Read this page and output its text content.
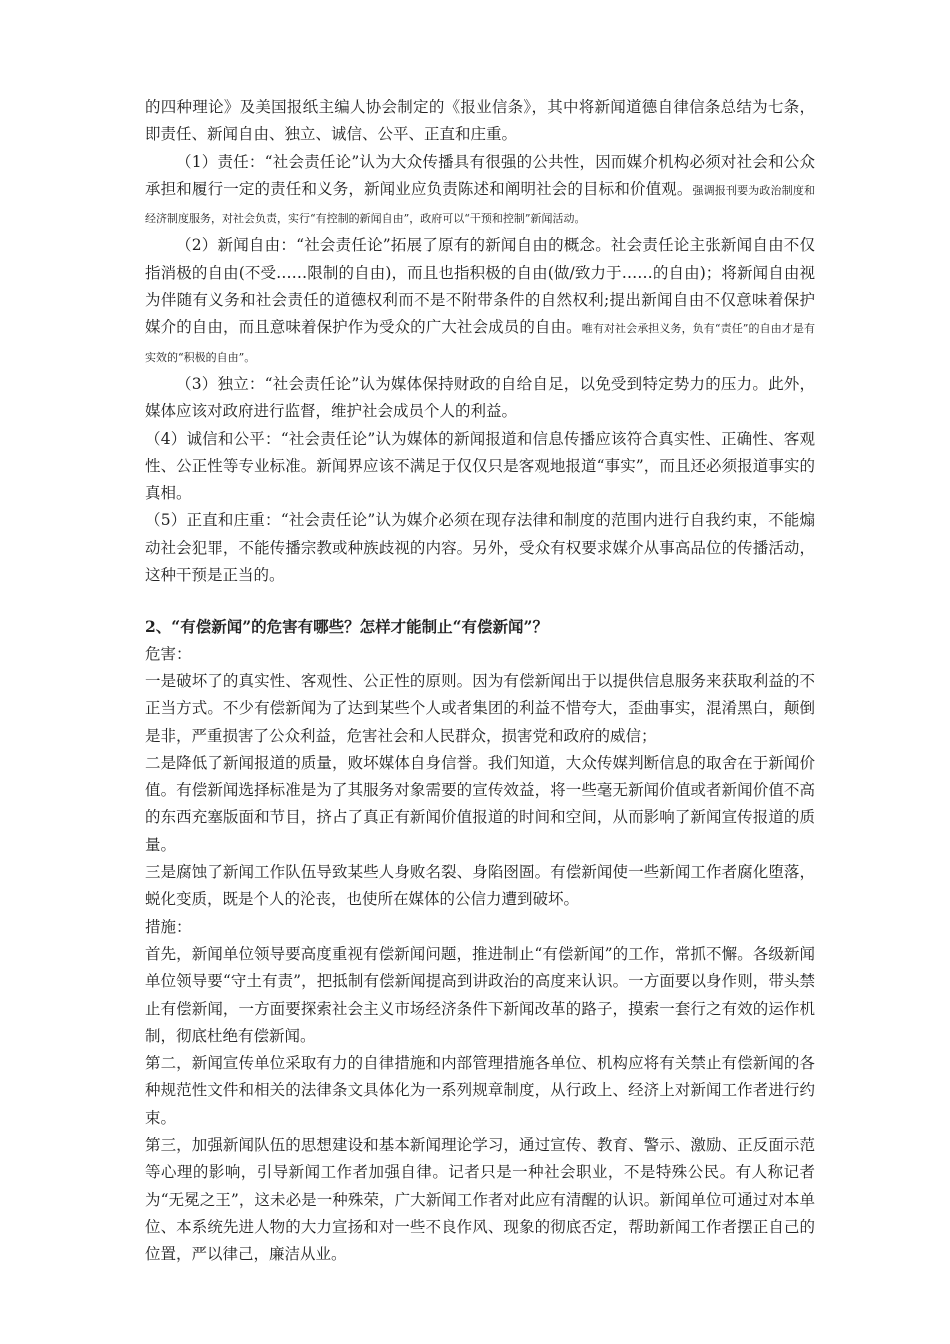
的四种理论》及美国报纸主编人协会制定的《报业信条》，其中将新闻道德自律信条总结为七条，即责任、新闻自由、独立、诚信、公平、正直和庄重。

（1）责任：“社会责任论”认为大众传播具有很强的公共性，因而媒介机构必须对社会和公众承担和履行一定的责任和义务，新闻业应负责陈述和阐明社会的目标和价值观。强调报刊要为政治制度和经济制度服务，对社会负责，实行“有控制的新闻自由”，政府可以“干预和控制”新闻活动。

（2）新闻自由：“社会责任论”拓展了原有的新闻自由的概念。社会责任论主张新闻自由不仅指消极的自由(不受……限制的自由)，而且也指积极的自由(做/致力于……的自由)；将新闻自由视为伴随有义务和社会责任的道德权利而不是不附带条件的自然权利;提出新闻自由不仅意味着保护媒介的自由，而且意味着保护作为受众的广大社会成员的自由。唯有对社会承担义务，负有“责任”的自由才是有实效的“积极的自由”。

（3）独立：“社会责任论”认为媒体保持财政的自给自足，以免受到特定势力的压力。此外，媒体应该对政府进行监督，维护社会成员个人的利益。

（4）诚信和公平：“社会责任论”认为媒体的新闻报道和信息传播应该符合真实性、正确性、客观性、公正性等专业标准。新闻界应该不满足于仅仅只是客观地报道“事实”，而且还必须报道事实的真相。

（5）正直和庄重：“社会责任论”认为媒介必须在现存法律和制度的范围内进行自我约束，不能煽动社会犯罪，不能传播宗教或种族歧视的内容。另外，受众有权要求媒介从事高品位的传播活动，这种干预是正当的。

2、“有偿新闻”的危害有哪些？怎样才能制止“有偿新闻”？

危害：

一是破坏了的真实性、客观性、公正性的原则。因为有偿新闻出于以提供信息服务来获取利益的不正当方式。不少有偿新闻为了达到某些个人或者集团的利益不惜夸大，歪曲事实，混淆黑白，颠倒是非，严重损害了公众利益，危害社会和人民群众，损害党和政府的威信；

二是降低了新闻报道的质量，败坏媒体自身信誉。我们知道，大众传媒判断信息的取舍在于新闻价值。有偿新闻选择标准是为了其服务对象需要的宣传效益，将一些毫无新闻价值或者新闻价值不高的东西充塞版面和节目，挤占了真正有新闻价值报道的时间和空间，从而影响了新闻宣传报道的质量。

三是腐蚀了新闻工作队伍导致某些人身败名裂、身陷囹圄。有偿新闻使一些新闻工作者腐化堕落，蜕化变质，既是个人的沦丧，也使所在媒体的公信力遭到破坏。

措施：

首先，新闻单位领导要高度重视有偿新闻问题，推进制止“有偿新闻”的工作，常抓不懈。各级新闻单位领导要“守土有责”，把抵制有偿新闻提高到讲政治的高度来认识。一方面要以身作则，带头禁止有偿新闻，一方面要探索社会主义市场经济条件下新闻改革的路子，摸索一套行之有效的运作机制，彻底杜绝有偿新闻。

第二，新闻宣传单位采取有力的自律措施和内部管理措施各单位、机构应将有关禁止有偿新闻的各种规范性文件和相关的法律条文具体化为一系列规章制度，从行政上、经济上对新闻工作者进行约束。

第三，加强新闻队伍的思想建设和基本新闻理论学习，通过宣传、教育、警示、激励、正反面示范等心理的影响，引导新闻工作者加强自律。记者只是一种社会职业，不是特殊公民。有人称记者为“无冕之王”，这未必是一种殊荣，广大新闻工作者对此应有清醒的认识。新闻单位可通过对本单位、本系统先进人物的大力宣扬和对一些不良作风、现象的彻底否定，帮助新闻工作者摆正自己的位置，严以律己，廉洁从业。
